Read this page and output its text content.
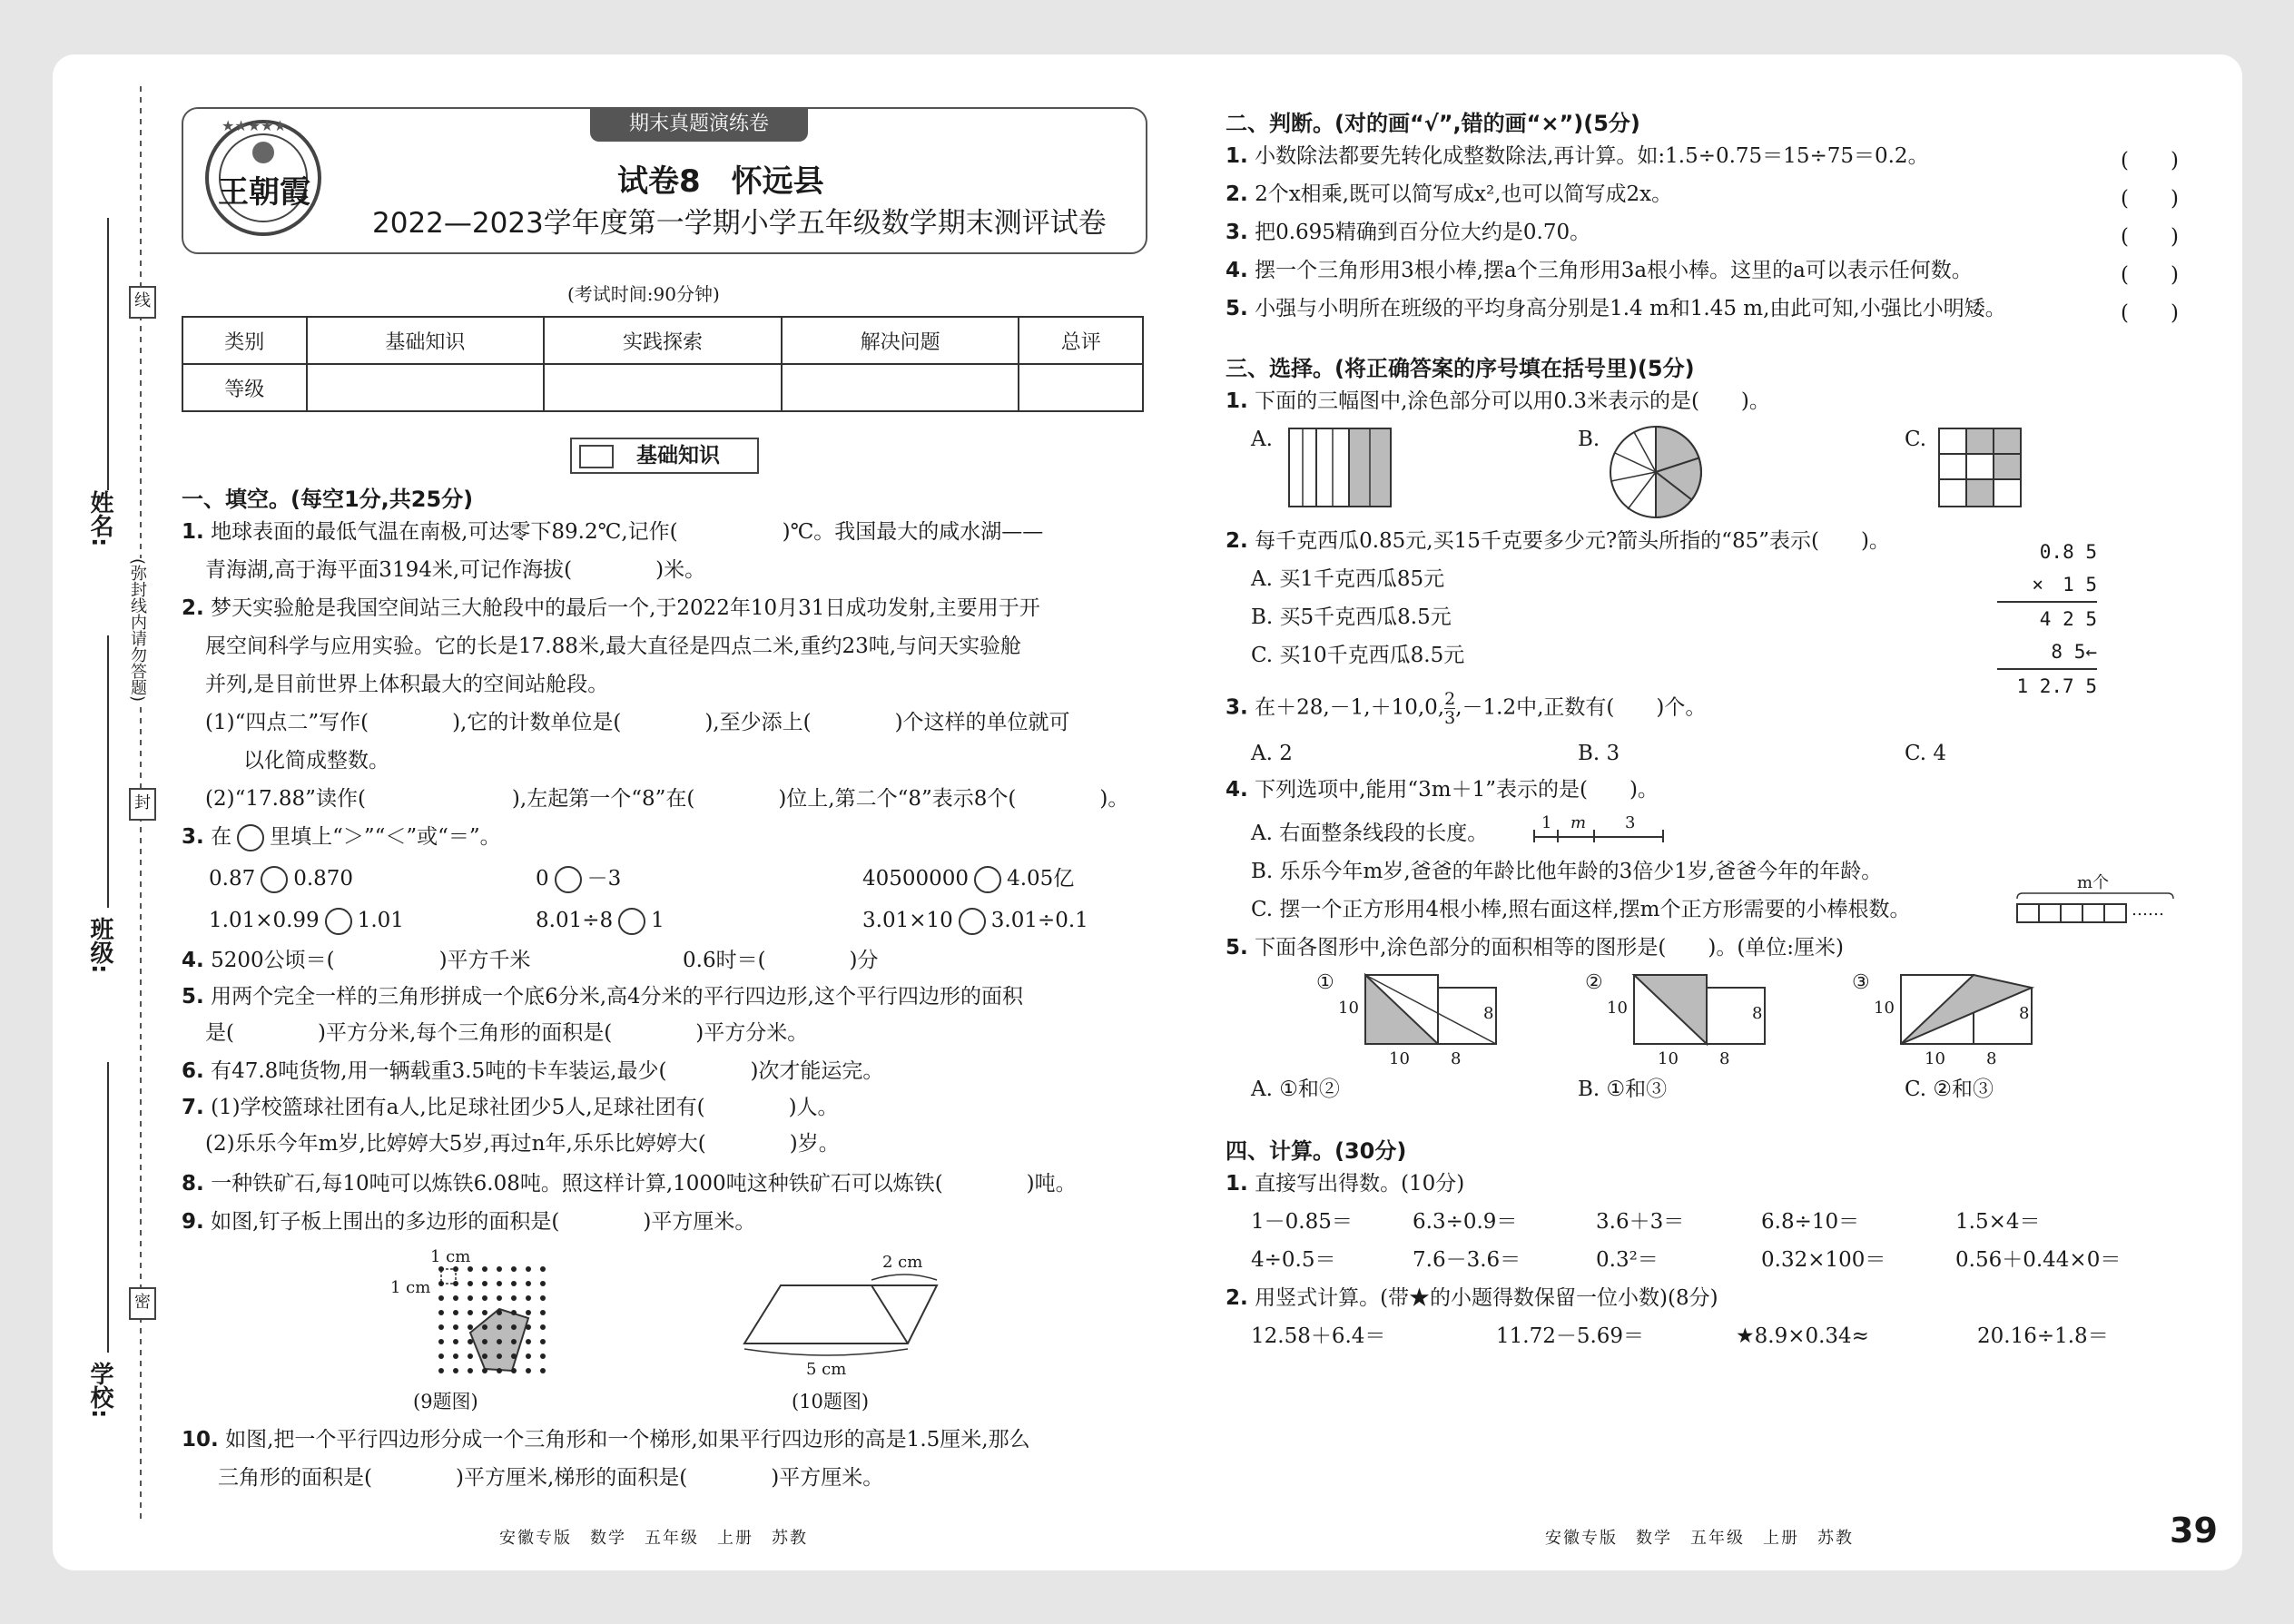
线
(弥封线内请勿答题)
封
密
姓名:
班级:
学校:
期末真题演练卷
★★★★★
王朝霞	试卷8　怀远县
2022—2023学年度第一学期小学五年级数学期末测评试卷
(考试时间:90分钟)
类别	基础知识	实践探索	解决问题	总评
等级				
基础知识
一、填空。(每空1分,共25分)
1. 地球表面的最低气温在南极,可达零下89.2℃,记作(　　　　　)℃。我国最大的咸水湖——
青海湖,高于海平面3194米,可记作海拔(　　　　)米。
2. 梦天实验舱是我国空间站三大舱段中的最后一个,于2022年10月31日成功发射,主要用于开
展空间科学与应用实验。它的长是17.88米,最大直径是四点二米,重约23吨,与问天实验舱
并列,是目前世界上体积最大的空间站舱段。
(1)“四点二”写作(　　　　),它的计数单位是(　　　　),至少添上(　　　　)个这样的单位就可
以化简成整数。
(2)“17.88”读作(　　　　　　　),左起第一个“8”在(　　　　)位上,第二个“8”表示8个(　　　　)。
3. 在 里填上“＞”“＜”或“＝”。
0.87 0.870	0 －3	40500000 4.05亿
1.01×0.99 1.01	8.01÷8 1	3.01×10 3.01÷0.1
4. 5200公顷＝(　　　　　)平方千米	0.6时＝(　　　　)分
5. 用两个完全一样的三角形拼成一个底6分米,高4分米的平行四边形,这个平行四边形的面积
是(　　　　)平方分米,每个三角形的面积是(　　　　)平方分米。
6. 有47.8吨货物,用一辆载重3.5吨的卡车装运,最少(　　　　)次才能运完。
7. (1)学校篮球社团有a人,比足球社团少5人,足球社团有(　　　　)人。
(2)乐乐今年m岁,比婷婷大5岁,再过n年,乐乐比婷婷大(　　　　)岁。
8. 一种铁矿石,每10吨可以炼铁6.08吨。照这样计算,1000吨这种铁矿石可以炼铁(　　　　)吨。
9. 如图,钉子板上围出的多边形的面积是(　　　　)平方厘米。
1 cm
1 cm
(9题图)
2 cm
5 cm
(10题图)
10. 如图,把一个平行四边形分成一个三角形和一个梯形,如果平行四边形的高是1.5厘米,那么
三角形的面积是(　　　　)平方厘米,梯形的面积是(　　　　)平方厘米。
安徽专版　数学　五年级　上册　苏教
二、判断。(对的画“√”,错的画“×”)(5分)
1. 小数除法都要先转化成整数除法,再计算。如:1.5÷0.75＝15÷75＝0.2。
2. 2个x相乘,既可以简写成x²,也可以简写成2x。
3. 把0.695精确到百分位大约是0.70。
4. 摆一个三角形用3根小棒,摆a个三角形用3a根小棒。这里的a可以表示任何数。
5. 小强与小明所在班级的平均身高分别是1.4 m和1.45 m,由此可知,小强比小明矮。
(　　)
(　　)
(　　)
(　　)
(　　)
三、选择。(将正确答案的序号填在括号里)(5分)
1. 下面的三幅图中,涂色部分可以用0.3米表示的是(　　)。
A.	B.	C.
2. 每千克西瓜0.85元,买15千克要多少元?箭头所指的“85”表示(　　)。
A. 买1千克西瓜85元
B. 买5千克西瓜8.5元
C. 买10千克西瓜8.5元
0.8 5
×　1 5
4 2 5
8 5←
1 2.7 5
3. 在＋28,－1,＋10,0, $\frac{2}{3} ,-1.2$中,正数有(　　)个。
A. 2	B. 3	C. 4
4. 下列选项中,能用“3m＋1”表示的是(　　)。
A. 右面整条线段的长度。	1 m 3
B. 乐乐今年m岁,爸爸的年龄比他年龄的3倍少1岁,爸爸今年的年龄。
C. 摆一个正方形用4根小棒,照右面这样,摆m个正方形需要的小棒根数。
m个
……
5. 下面各图形中,涂色部分的面积相等的图形是(　　)。(单位:厘米)
①
10	8
10	8
②
10	8
10	8
③
10	8
10	8
A. ①和②	B. ①和③	C. ②和③
四、计算。(30分)
1. 直接写出得数。(10分)
1－0.85＝	6.3÷0.9＝	3.6＋3＝	6.8÷10＝	1.5×4＝
4÷0.5＝	7.6－3.6＝	0.3²＝	0.32×100＝	0.56＋0.44×0＝
2. 用竖式计算。(带★的小题得数保留一位小数)(8分)
12.58＋6.4＝	11.72－5.69＝	★8.9×0.34≈	20.16÷1.8＝
安徽专版　数学　五年级　上册　苏教	39
